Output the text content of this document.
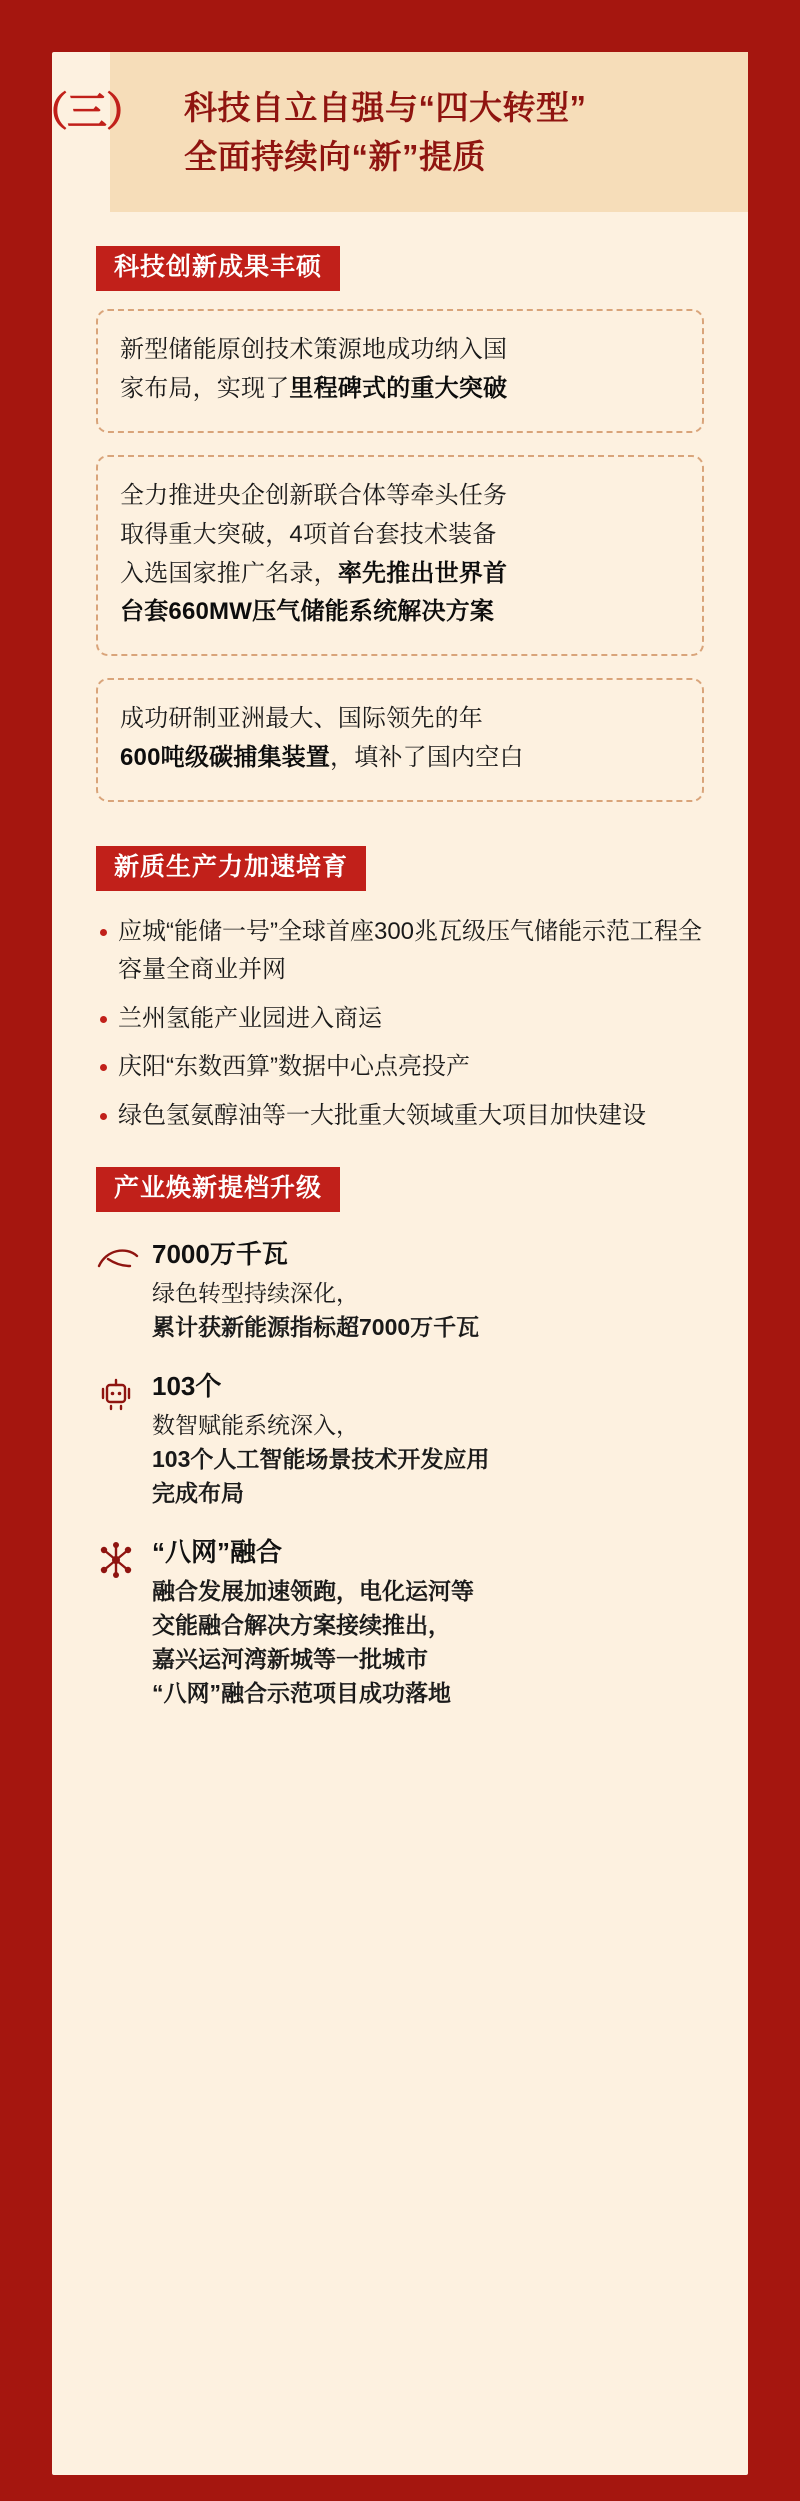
（三） 科技自立自强与“四大转型”
全面持续向“新”提质
科技创新成果丰硕
新型储能原创技术策源地成功纳入国
家布局，实现了里程碑式的重大突破
全力推进央企创新联合体等牵头任务
取得重大突破，4项首台套技术装备
入选国家推广名录，率先推出世界首
台套660MW压气储能系统解决方案
成功研制亚洲最大、国际领先的年
600吨级碳捕集装置，填补了国内空白
新质生产力加速培育
应城“能储一号”全球首座300兆瓦级压气储能示范工程全容量全商业并网
兰州氢能产业园进入商运
庆阳“东数西算”数据中心点亮投产
绿色氢氨醇油等一大批重大领域重大项目加快建设
产业焕新提档升级
7000万千瓦
绿色转型持续深化，
累计获新能源指标超7000万千瓦
103个
数智赋能系统深入，
103个人工智能场景技术开发应用
完成布局
“八网”融合
融合发展加速领跑，电化运河等
交能融合解决方案接续推出，
嘉兴运河湾新城等一批城市
“八网”融合示范项目成功落地
